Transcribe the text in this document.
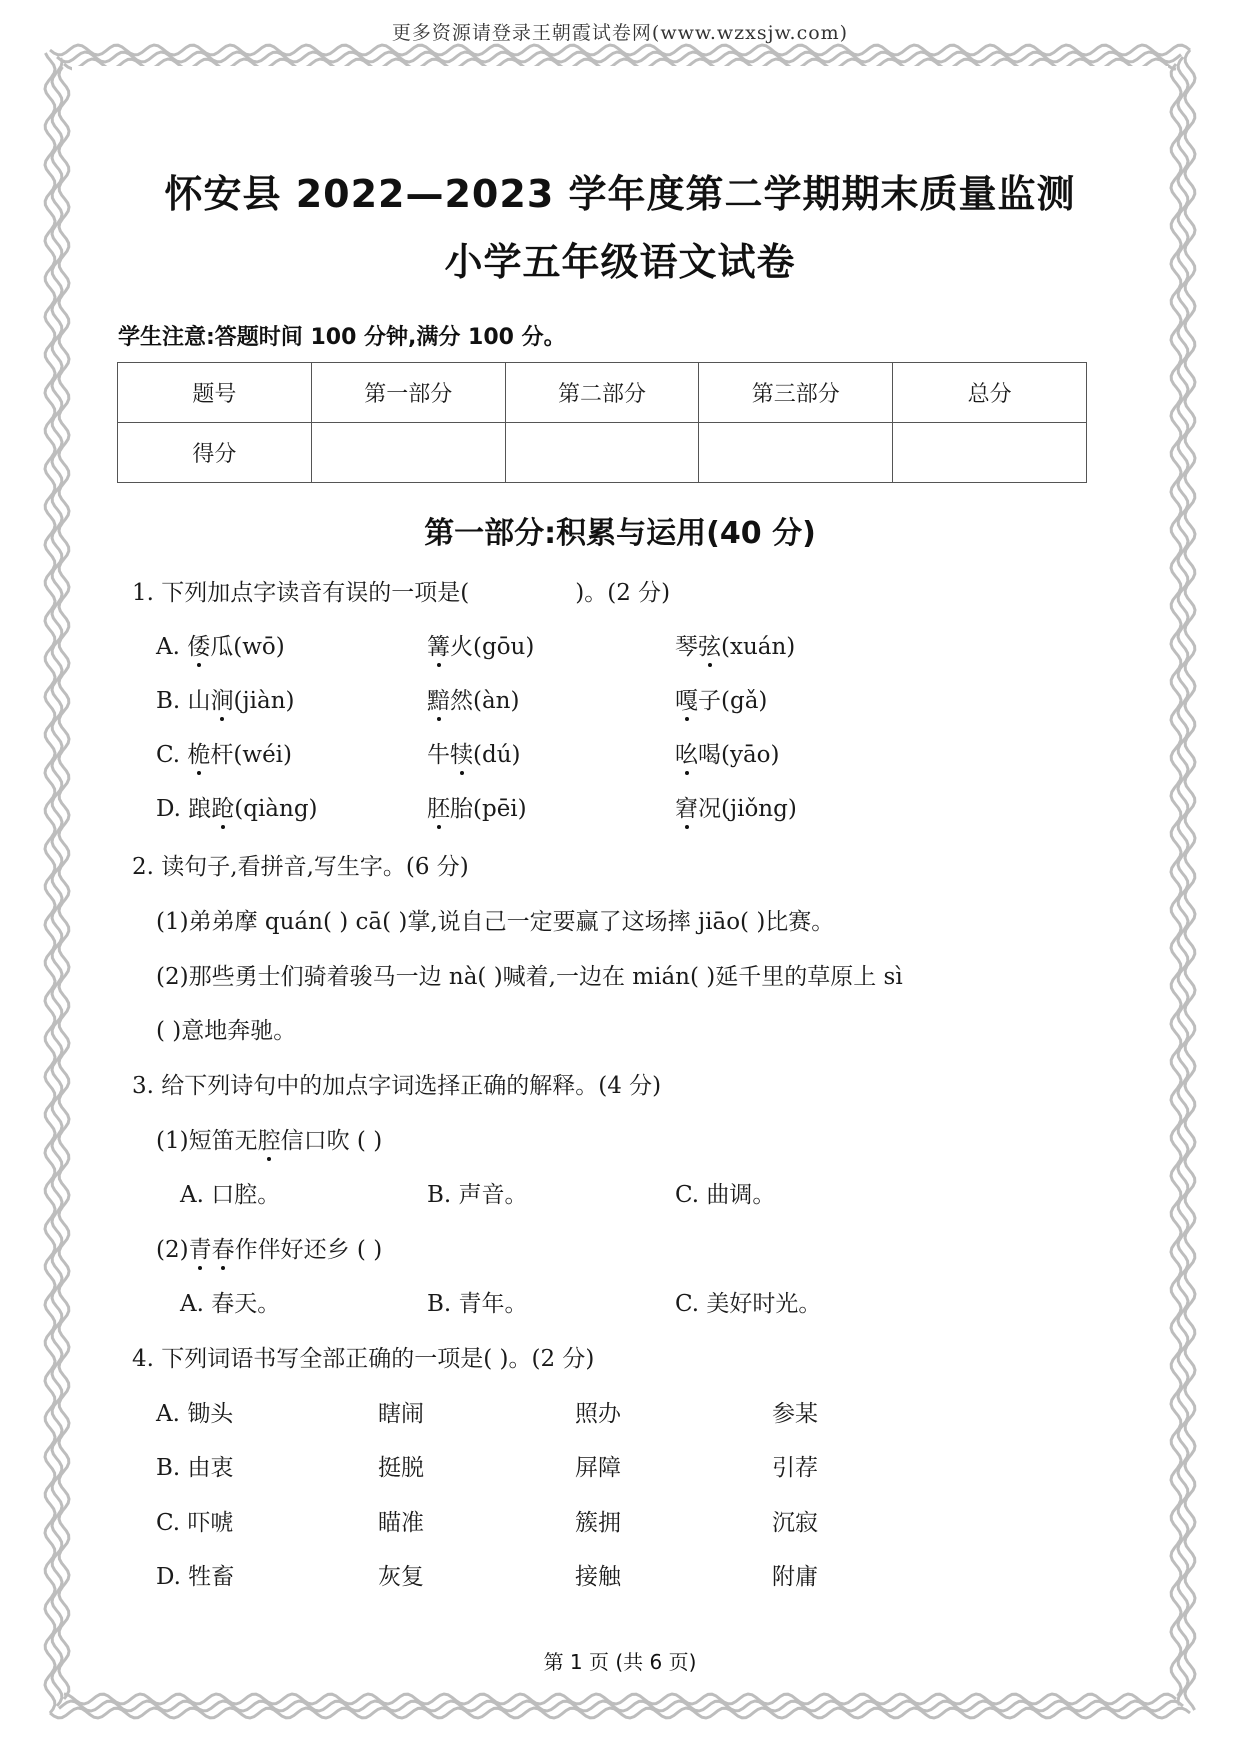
更多资源请登录王朝霞试卷网(www.wzxsjw.com)
怀安县 2022—2023 学年度第二学期期末质量监测
小学五年级语文试卷
学生注意:答题时间 100 分钟,满分 100 分。
题号	第一部分	第二部分	第三部分	总分
得分				
第一部分:积累与运用(40 分)
1. 下列加点字读音有误的一项是(	)。(2 分)
A. 倭瓜(wō)	篝火(gōu)	琴弦(xuán)
B. 山涧(jiàn)	黯然(àn)	嘎子(gǎ)
C. 桅杆(wéi)	牛犊(dú)	吆喝(yāo)
D. 踉跄(qiàng)	胚胎(pēi)	窘况(jiǒng)
2. 读句子,看拼音,写生字。(6 分)
(1)弟弟摩 quán( ) cā( )掌,说自己一定要赢了这场摔 jiāo( )比赛。
(2)那些勇士们骑着骏马一边 nà( )喊着,一边在 mián( )延千里的草原上 sì
( )意地奔驰。
3. 给下列诗句中的加点字词选择正确的解释。(4 分)
(1)短笛无腔信口吹 ( )
A. 口腔。	B. 声音。	C. 曲调。
(2)青春作伴好还乡 ( )
A. 春天。	B. 青年。	C. 美好时光。
4. 下列词语书写全部正确的一项是( )。(2 分)
A. 锄头	瞎闹	照办	参某
B. 由衷	挺脱	屏障	引荐
C. 吓唬	瞄准	簇拥	沉寂
D. 牲畜	灰复	接触	附庸
第 1 页 (共 6 页)
